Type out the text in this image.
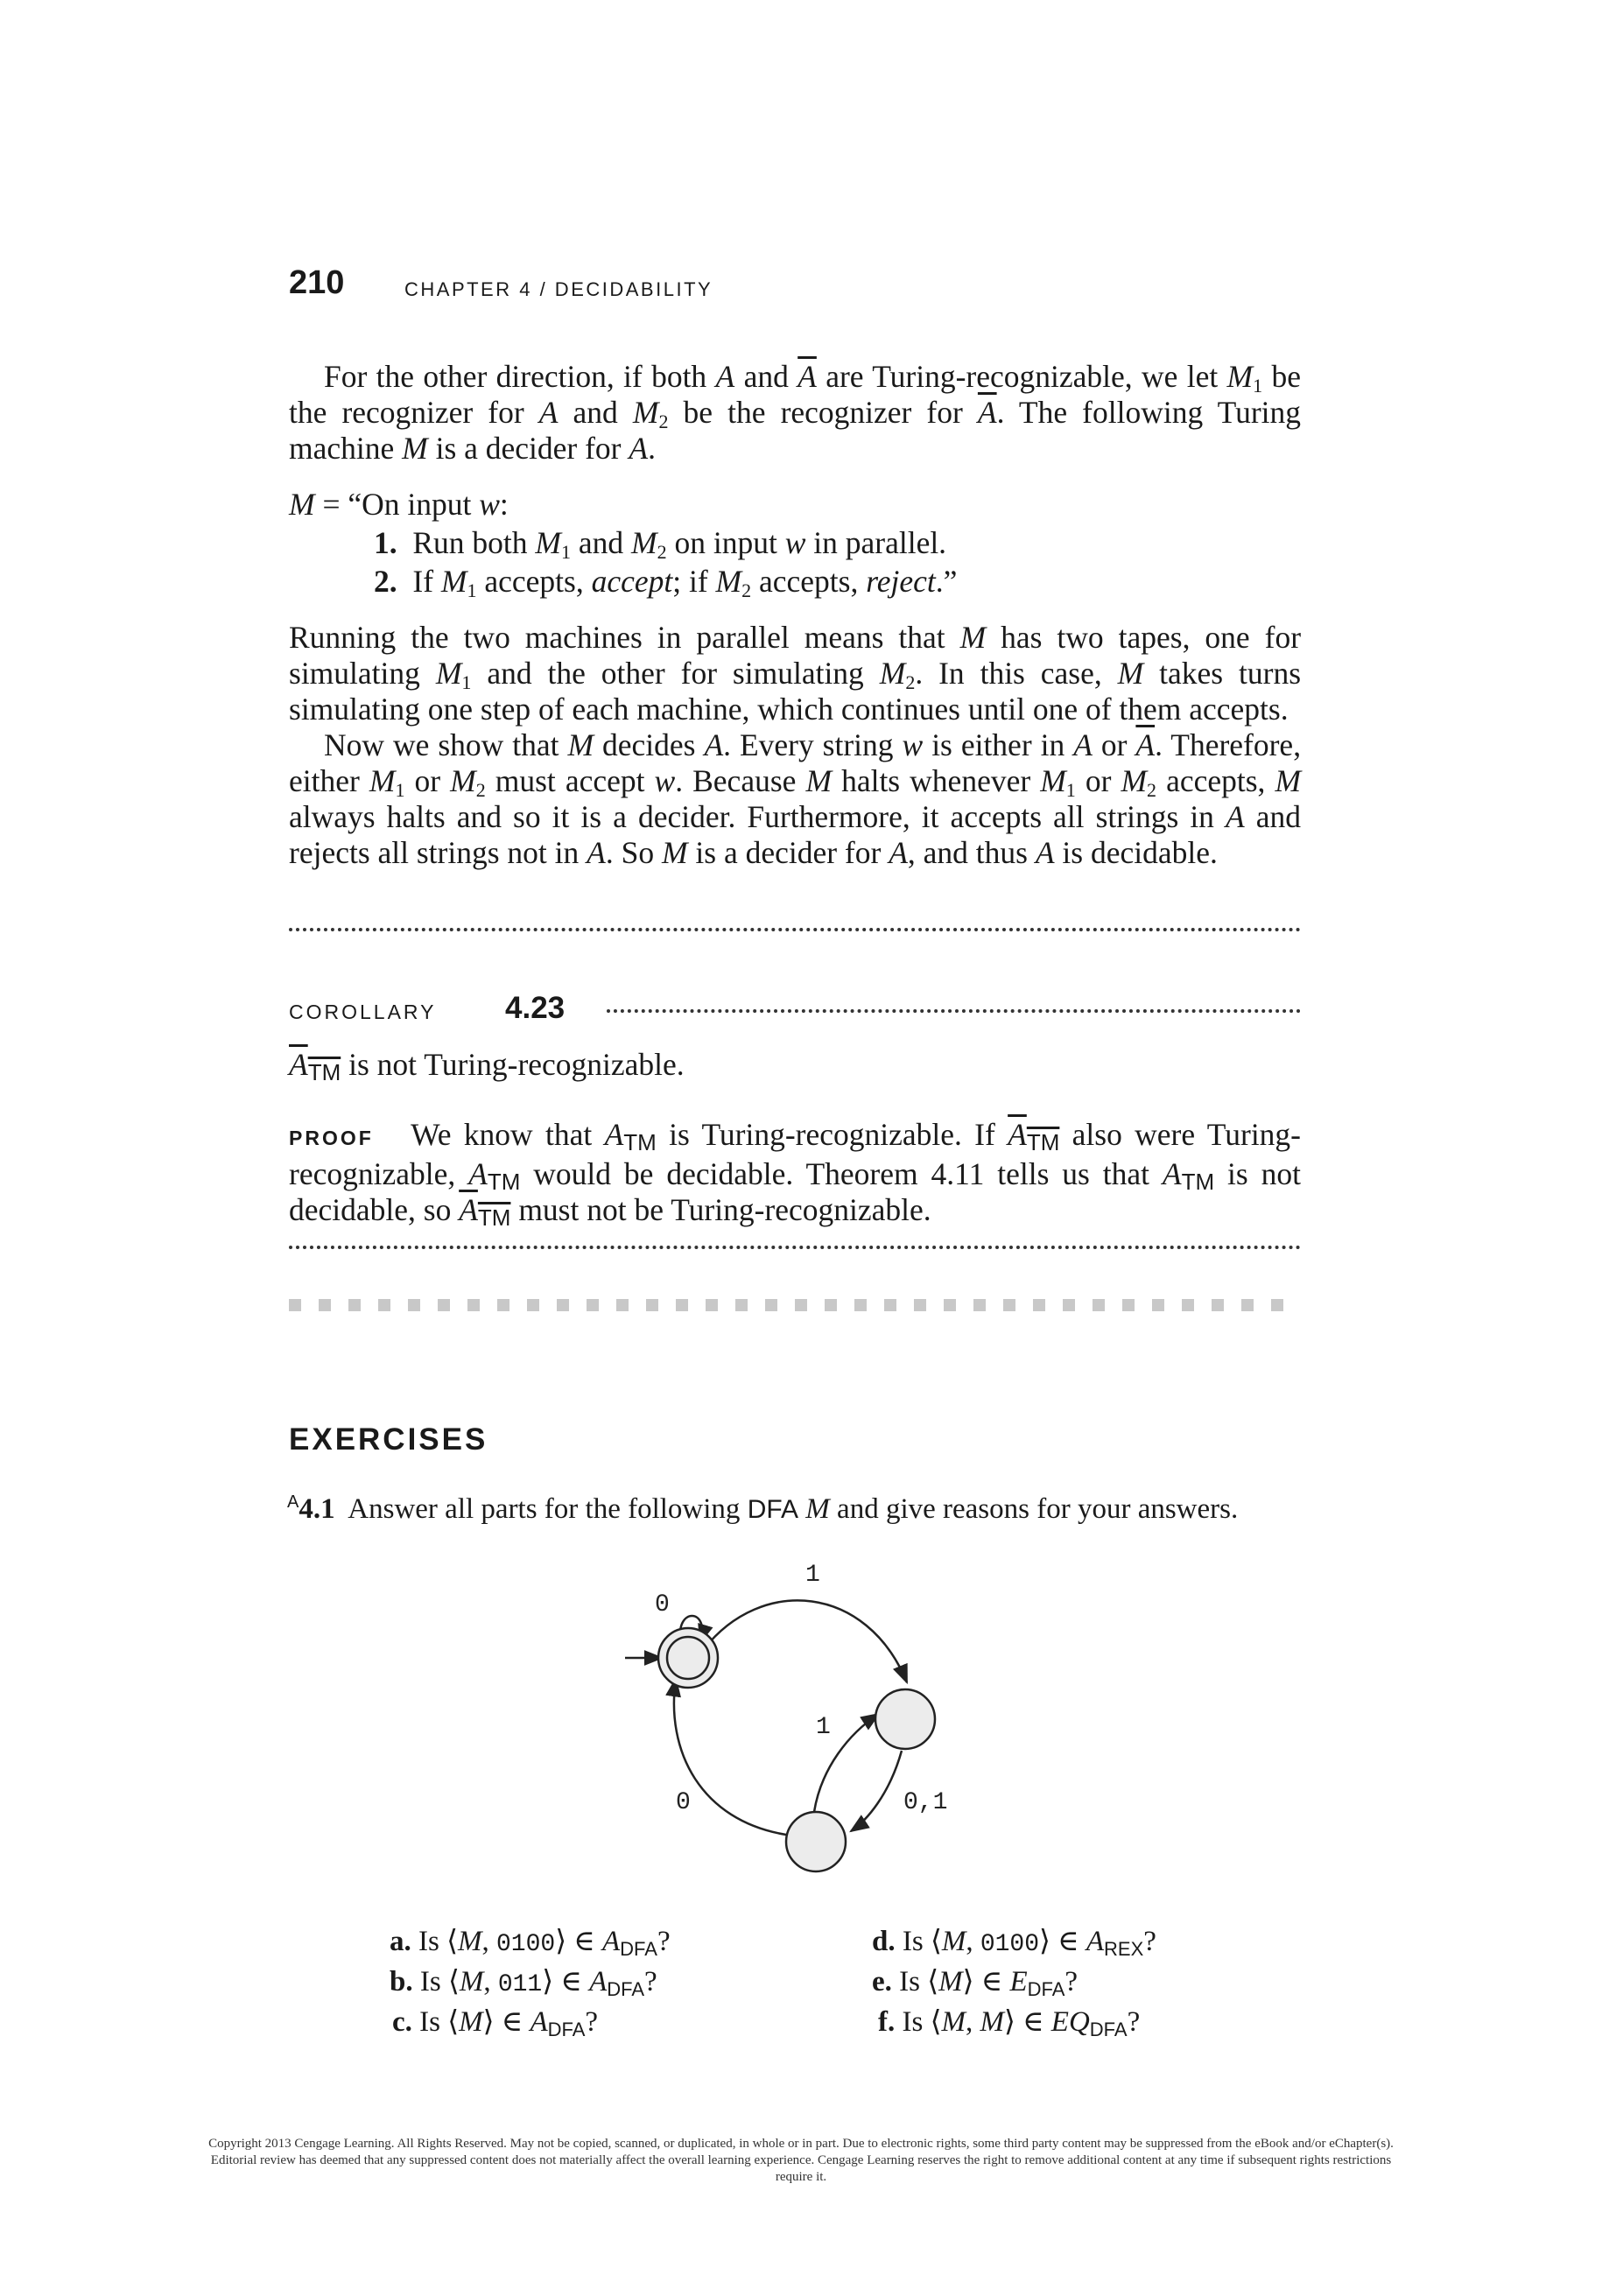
210	CHAPTER 4 / DECIDABILITY
For the other direction, if both A and $\overline{A}$ are Turing-recognizable, we let $M_1$ be the recognizer for A and $M_2$ be the recognizer for $\overline{A}$. The following Turing machine M is a decider for A.
M = “On input w:
1. Run both $M_1$ and $M_2$ on input w in parallel.
2. If $M_1$ accepts, accept; if $M_2$ accepts, reject.”
Running the two machines in parallel means that M has two tapes, one for simulating $M_1$ and the other for simulating $M_2$. In this case, M takes turns simulating one step of each machine, which continues until one of them accepts.
Now we show that M decides A. Every string w is either in A or $\overline{A}$. Therefore, either $M_1$ or $M_2$ must accept w. Because M halts whenever $M_1$ or $M_2$ accepts, M always halts and so it is a decider. Furthermore, it accepts all strings in A and rejects all strings not in A. So M is a decider for A, and thus A is decidable.
COROLLARY 4.23
$A_{TM}$ is not Turing-recognizable.
PROOF We know that $A_{TM}$ is Turing-recognizable. If $A_{TM}$ also were Turing-recognizable, $A_{TM}$ would be decidable. Theorem 4.11 tells us that $A_{TM}$ is not decidable, so $A_{TM}$ must not be Turing-recognizable.
EXERCISES
$^A$4.1 Answer all parts for the following DFA M and give reasons for your answers.
0
1
1
0	0,1
a. Is ⟨M, 0100⟩ ∈ $A_{DFA}$?
b. Is ⟨M, 011⟩ ∈ $A_{DFA}$?
c. Is ⟨M⟩ ∈ $A_{DFA}$?
d. Is ⟨M, 0100⟩ ∈ $A_{REX}$?
e. Is ⟨M⟩ ∈ $E_{DFA}$?
f. Is ⟨M, M⟩ ∈ $EQ_{DFA}$?
Copyright 2013 Cengage Learning. All Rights Reserved. May not be copied, scanned, or duplicated, in whole or in part. Due to electronic rights, some third party content may be suppressed from the eBook and/or eChapter(s). Editorial review has deemed that any suppressed content does not materially affect the overall learning experience. Cengage Learning reserves the right to remove additional content at any time if subsequent rights restrictions require it.
